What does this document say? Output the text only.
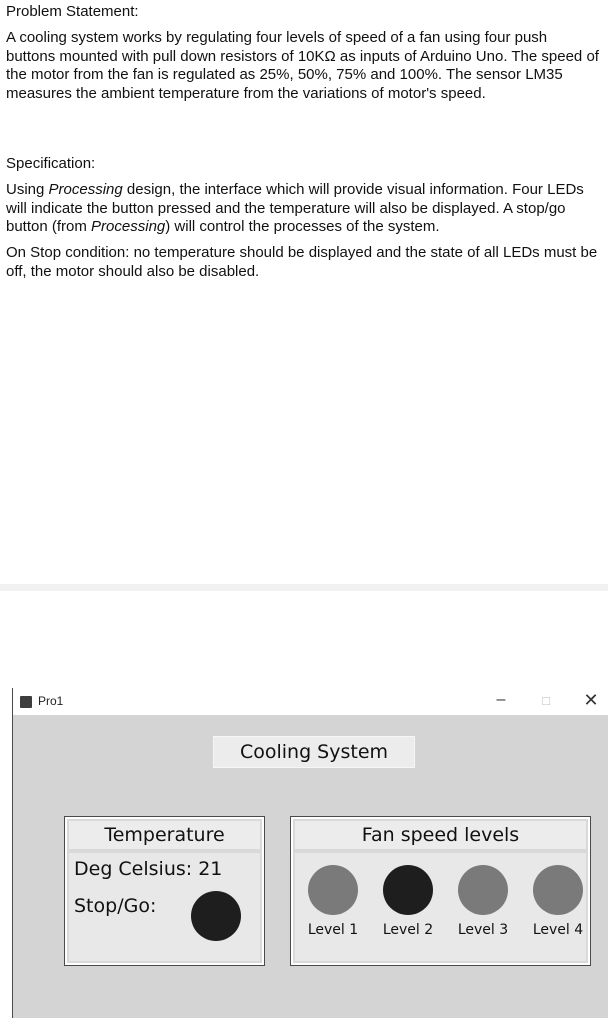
Problem Statement:

A cooling system works by regulating four levels of speed of a fan using four push buttons mounted with pull down resistors of 10KΩ as inputs of Arduino Uno. The speed of the motor from the fan is regulated as 25%, 50%, 75% and 100%. The sensor LM35 measures the ambient temperature from the variations of motor's speed.

Specification:

Using Processing design, the interface which will provide visual information. Four LEDs will indicate the button pressed and the temperature will also be displayed. A stop/go button (from Processing) will control the processes of the system.

On Stop condition: no temperature should be displayed and the state of all LEDs must be off, the motor should also be disabled.

Pro1	–	□	✕
Cooling System
Temperature
Deg Celsius: 21
Stop/Go:
Fan speed levels
Level 1	Level 2	Level 3	Level 4
